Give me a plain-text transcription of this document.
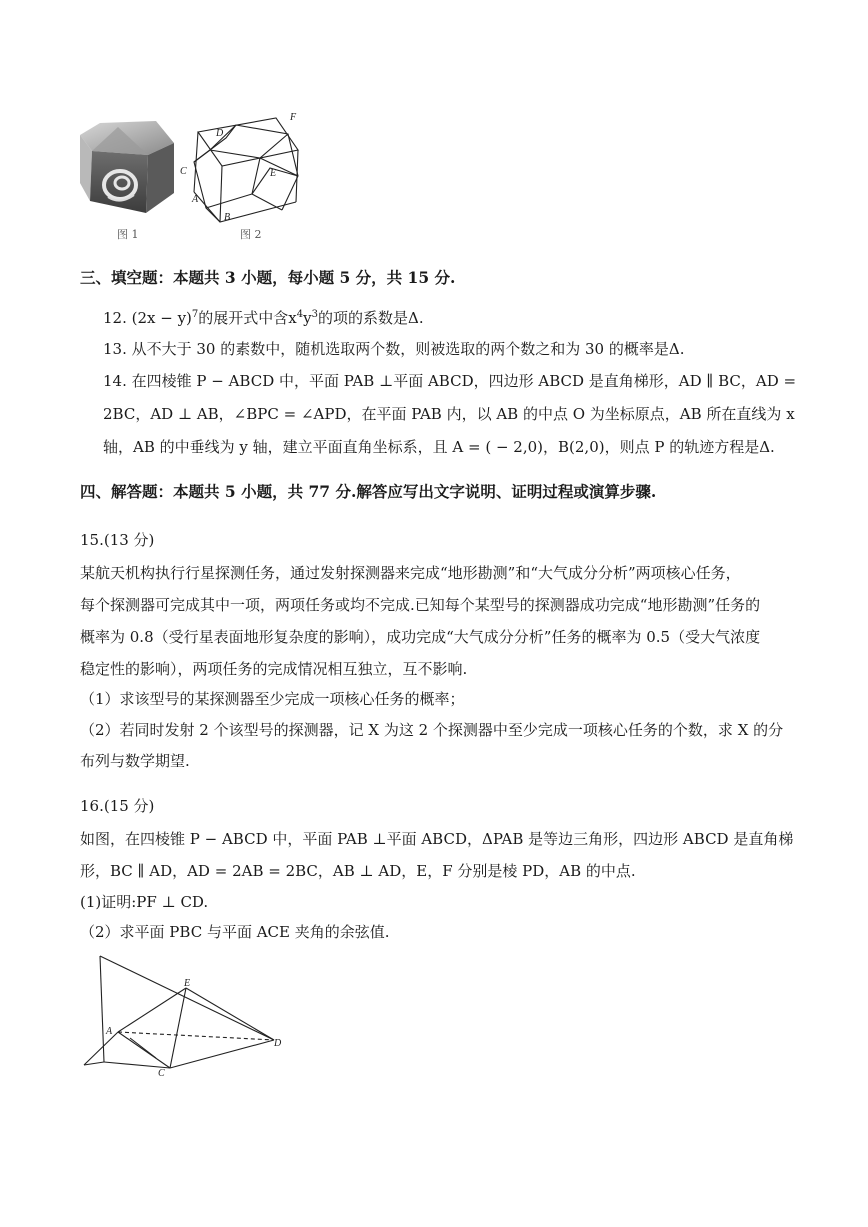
图 1
F
D
C	E
A
B
图 2
三、填空题：本题共 3 小题，每小题 5 分，共 15 分.
12. $(2x - y)^7$的展开式中含$x^4y^3$的项的系数是Δ.
13. 从不大于 30 的素数中，随机选取两个数，则被选取的两个数之和为 30 的概率是Δ.
14. 在四棱锥 P − ABCD 中，平面 PAB ⊥平面 ABCD，四边形 ABCD 是直角梯形，AD ∥ BC，AD =
2BC，AD ⊥ AB，∠BPC = ∠APD，在平面 PAB 内，以 AB 的中点 O 为坐标原点，AB 所在直线为 x
轴，AB 的中垂线为 y 轴，建立平面直角坐标系，且 A = ( − 2,0)，B(2,0)，则点 P 的轨迹方程是Δ.
四、解答题：本题共 5 小题，共 77 分.解答应写出文字说明、证明过程或演算步骤.
15.(13 分)
某航天机构执行行星探测任务，通过发射探测器来完成“地形勘测”和“大气成分分析”两项核心任务，
每个探测器可完成其中一项，两项任务或均不完成.已知每个某型号的探测器成功完成“地形勘测”任务的
概率为 0.8（受行星表面地形复杂度的影响），成功完成“大气成分分析”任务的概率为 0.5（受大气浓度
稳定性的影响），两项任务的完成情况相互独立，互不影响.
（1）求该型号的某探测器至少完成一项核心任务的概率；
（2）若同时发射 2 个该型号的探测器，记 X 为这 2 个探测器中至少完成一项核心任务的个数，求 X 的分
布列与数学期望.
16.(15 分)
如图，在四棱锥 P − ABCD 中，平面 PAB ⊥平面 ABCD，ΔPAB 是等边三角形，四边形 ABCD 是直角梯
形，BC ∥ AD，AD = 2AB = 2BC，AB ⊥ AD，E，F 分别是棱 PD，AB 的中点.
(1)证明:PF ⊥ CD.
（2）求平面 PBC 与平面 ACE 夹角的余弦值.
E
A
D
C
